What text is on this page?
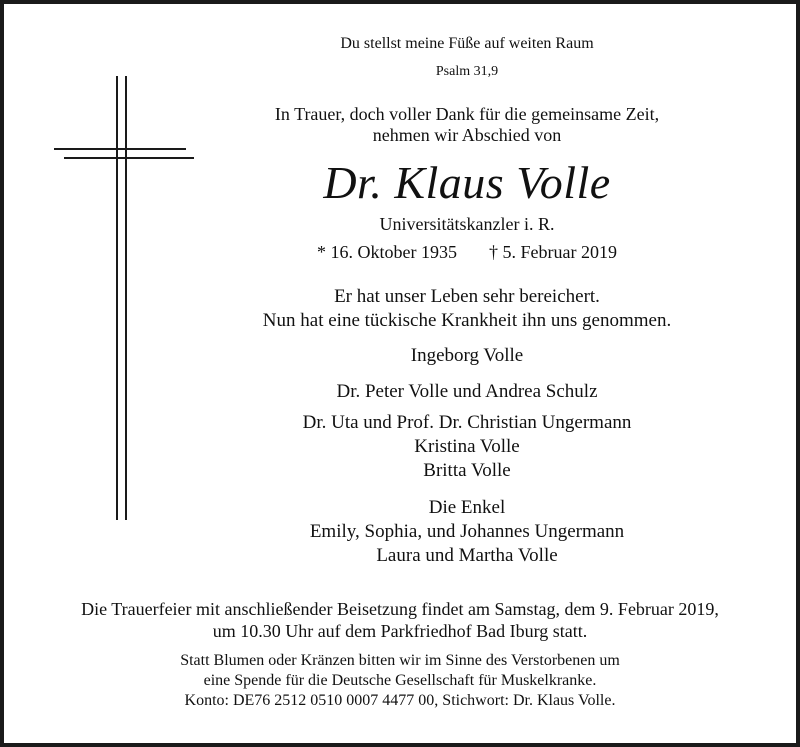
Du stellst meine Füße auf weiten Raum
Psalm 31,9
In Trauer, doch voller Dank für die gemeinsame Zeit,
nehmen wir Abschied von
Dr. Klaus Volle
Universitätskanzler i. R.
* 16. Oktober 1935 † 5. Februar 2019
Er hat unser Leben sehr bereichert.
Nun hat eine tückische Krankheit ihn uns genommen.
Ingeborg Volle
Dr. Peter Volle und Andrea Schulz
Dr. Uta und Prof. Dr. Christian Ungermann
Kristina Volle
Britta Volle
Die Enkel
Emily, Sophia, und Johannes Ungermann
Laura und Martha Volle
Die Trauerfeier mit anschließender Beisetzung findet am Samstag, dem 9. Februar 2019,
um 10.30 Uhr auf dem Parkfriedhof Bad Iburg statt.
Statt Blumen oder Kränzen bitten wir im Sinne des Verstorbenen um
eine Spende für die Deutsche Gesellschaft für Muskelkranke.
Konto: DE76 2512 0510 0007 4477 00, Stichwort: Dr. Klaus Volle.
